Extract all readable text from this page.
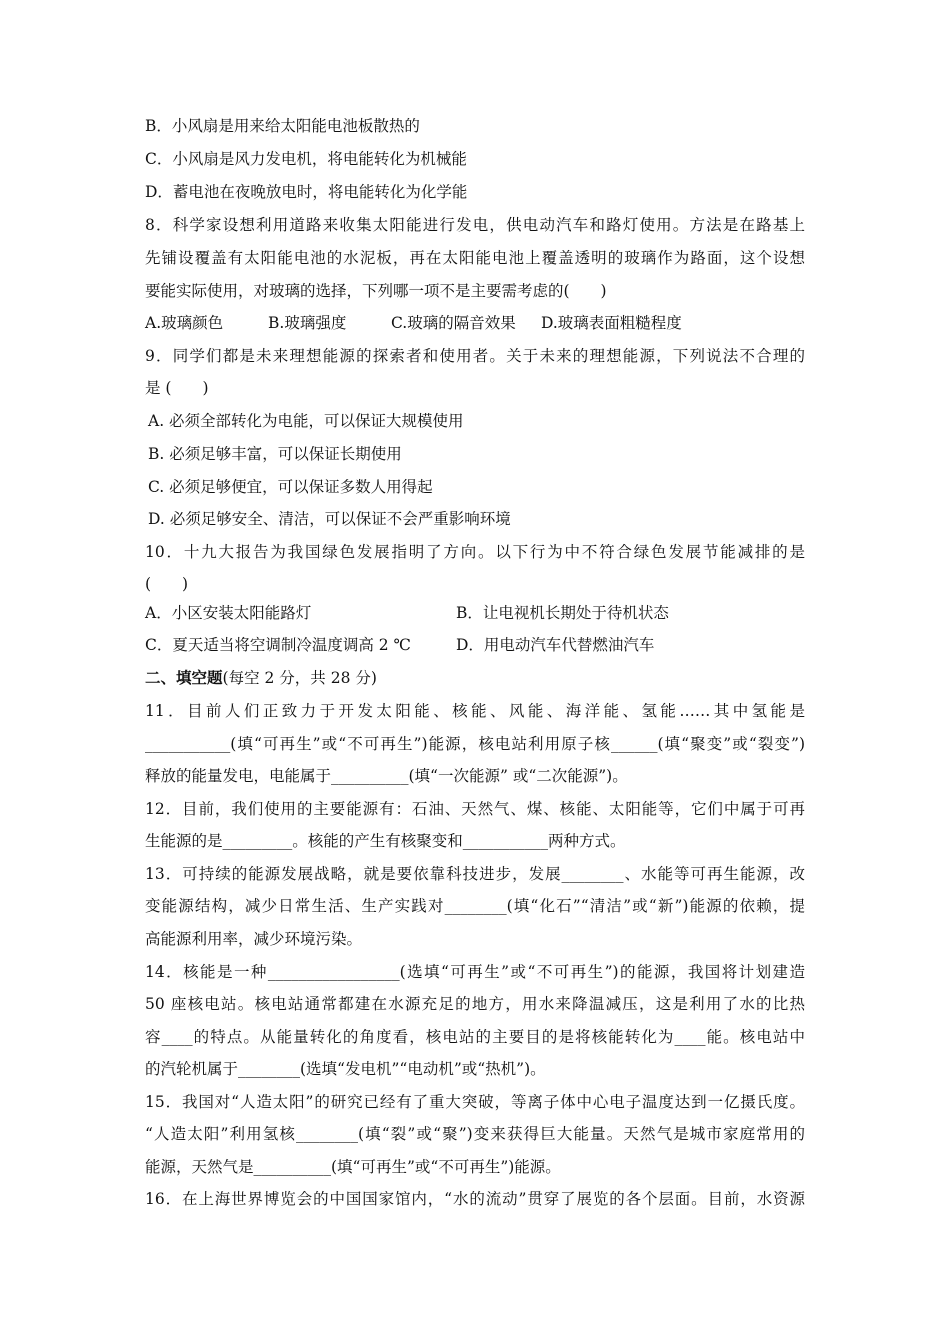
B．小风扇是用来给太阳能电池板散热的

C．小风扇是风力发电机，将电能转化为机械能

D．蓄电池在夜晚放电时，将电能转化为化学能

8．科学家设想利用道路来收集太阳能进行发电，供电动汽车和路灯使用。方法是在路基上

先铺设覆盖有太阳能电池的水泥板，再在太阳能电池上覆盖透明的玻璃作为路面，这个设想

要能实际使用，对玻璃的选择，下列哪一项不是主要需考虑的(　　)

A.玻璃颜色	B.玻璃强度	C.玻璃的隔音效果 D.玻璃表面粗糙程度

9．同学们都是未来理想能源的探索者和使用者。关于未来的理想能源，下列说法不合理的

是 (　　)

A. 必须全部转化为电能，可以保证大规模使用

B. 必须足够丰富，可以保证长期使用

C. 必须足够便宜，可以保证多数人用得起

D. 必须足够安全、清洁，可以保证不会严重影响环境

10．十九大报告为我国绿色发展指明了方向。以下行为中不符合绿色发展节能减排的是

(　　)

A．小区安装太阳能路灯	B．让电视机长期处于待机状态

C．夏天适当将空调制冷温度调高 2 ℃	D．用电动汽车代替燃油汽车

二、填空题(每空 2 分，共 28 分)

11．目前人们正致力于开发太阳能、核能、风能、海洋能、氢能……其中氢能是

___________(填“可再生”或“不可再生”)能源，核电站利用原子核______(填“聚变”或“裂变”)

释放的能量发电，电能属于__________(填“一次能源” 或“二次能源”)。

12．目前，我们使用的主要能源有：石油、天然气、煤、核能、太阳能等，它们中属于可再

生能源的是_________。核能的产生有核聚变和___________两种方式。

13．可持续的能源发展战略，就是要依靠科技进步，发展________、水能等可再生能源，改

变能源结构，减少日常生活、生产实践对________(填“化石”“清洁”或“新”)能源的依赖，提

高能源利用率，减少环境污染。

14．核能是一种_________________(选填“可再生”或“不可再生”)的能源，我国将计划建造

50 座核电站。核电站通常都建在水源充足的地方，用水来降温减压，这是利用了水的比热

容____的特点。从能量转化的角度看，核电站的主要目的是将核能转化为____能。核电站中

的汽轮机属于________(选填“发电机”“电动机”或“热机”)。

15．我国对“人造太阳”的研究已经有了重大突破，等离子体中心电子温度达到一亿摄氏度。

“人造太阳”利用氢核________(填“裂”或“聚”)变来获得巨大能量。天然气是城市家庭常用的

能源，天然气是__________(填“可再生”或“不可再生”)能源。

16．在上海世界博览会的中国国家馆内，“水的流动”贯穿了展览的各个层面。目前，水资源
